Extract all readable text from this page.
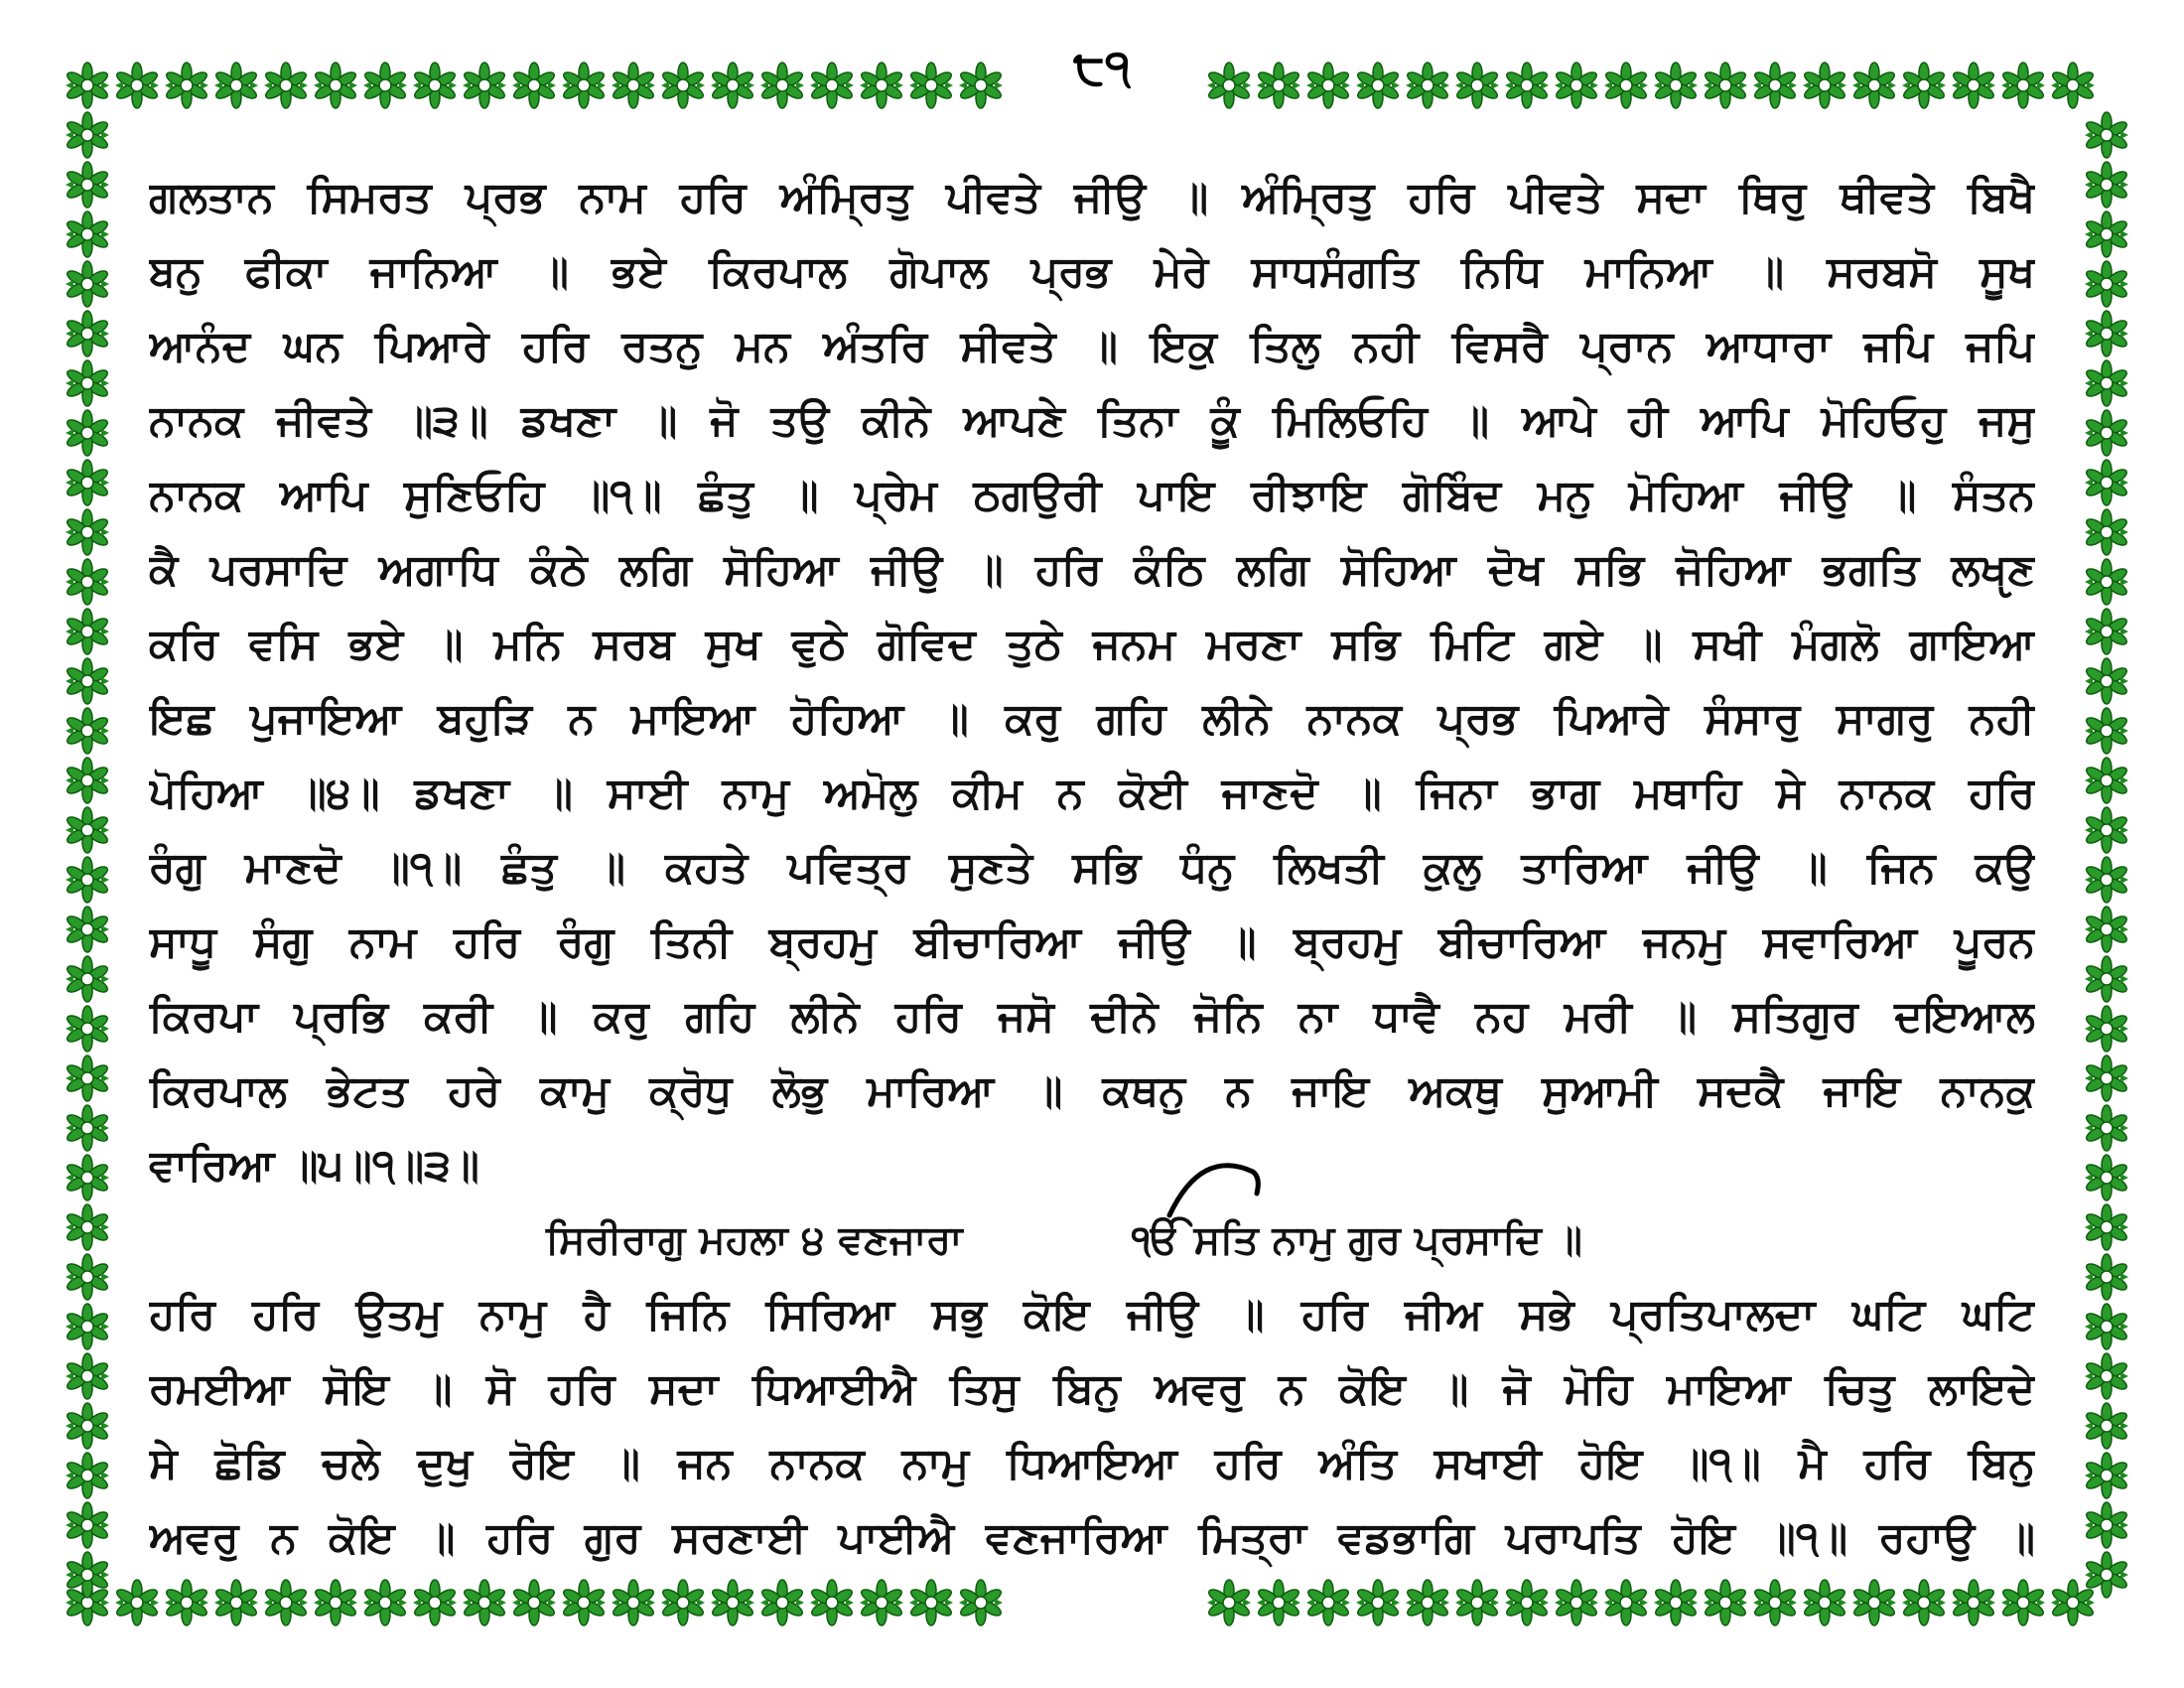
੮੧
ਗਲਤਾਨ ਸਿਮਰਤ ਪ੍ਰਭ ਨਾਮ ਹਰਿ ਅੰਮ੍ਰਿਤੁ ਪੀਵਤੇ ਜੀਉ ॥ ਅੰਮ੍ਰਿਤੁ ਹਰਿ ਪੀਵਤੇ ਸਦਾ ਥਿਰੁ ਥੀਵਤੇ ਬਿਖੈ
ਬਨੁ ਫੀਕਾ ਜਾਨਿਆ ॥ ਭਏ ਕਿਰਪਾਲ ਗੋਪਾਲ ਪ੍ਰਭ ਮੇਰੇ ਸਾਧਸੰਗਤਿ ਨਿਧਿ ਮਾਨਿਆ ॥ ਸਰਬਸੋ ਸੂਖ
ਆਨੰਦ ਘਨ ਪਿਆਰੇ ਹਰਿ ਰਤਨੁ ਮਨ ਅੰਤਰਿ ਸੀਵਤੇ ॥ ਇਕੁ ਤਿਲੁ ਨਹੀ ਵਿਸਰੈ ਪ੍ਰਾਨ ਆਧਾਰਾ ਜਪਿ ਜਪਿ
ਨਾਨਕ ਜੀਵਤੇ ॥੩॥ ਡਖਣਾ ॥ ਜੋ ਤਉ ਕੀਨੇ ਆਪਣੇ ਤਿਨਾ ਕੂੰ ਮਿਲਿਓਹਿ ॥ ਆਪੇ ਹੀ ਆਪਿ ਮੋਹਿਓਹੁ ਜਸੁ
ਨਾਨਕ ਆਪਿ ਸੁਣਿਓਹਿ ॥੧॥ ਛੰਤੁ ॥ ਪ੍ਰੇਮ ਠਗਉਰੀ ਪਾਇ ਰੀਝਾਇ ਗੋਬਿੰਦ ਮਨੁ ਮੋਹਿਆ ਜੀਉ ॥ ਸੰਤਨ
ਕੈ ਪਰਸਾਦਿ ਅਗਾਧਿ ਕੰਠੇ ਲਗਿ ਸੋਹਿਆ ਜੀਉ ॥ ਹਰਿ ਕੰਠਿ ਲਗਿ ਸੋਹਿਆ ਦੋਖ ਸਭਿ ਜੋਹਿਆ ਭਗਤਿ ਲਖੵਣ
ਕਰਿ ਵਸਿ ਭਏ ॥ ਮਨਿ ਸਰਬ ਸੁਖ ਵੁਠੇ ਗੋਵਿਦ ਤੁਠੇ ਜਨਮ ਮਰਣਾ ਸਭਿ ਮਿਟਿ ਗਏ ॥ ਸਖੀ ਮੰਗਲੋ ਗਾਇਆ
ਇਛ ਪੁਜਾਇਆ ਬਹੁੜਿ ਨ ਮਾਇਆ ਹੋਹਿਆ ॥ ਕਰੁ ਗਹਿ ਲੀਨੇ ਨਾਨਕ ਪ੍ਰਭ ਪਿਆਰੇ ਸੰਸਾਰੁ ਸਾਗਰੁ ਨਹੀ
ਪੋਹਿਆ ॥੪॥ ਡਖਣਾ ॥ ਸਾਈ ਨਾਮੁ ਅਮੋਲੁ ਕੀਮ ਨ ਕੋਈ ਜਾਣਦੋ ॥ ਜਿਨਾ ਭਾਗ ਮਥਾਹਿ ਸੇ ਨਾਨਕ ਹਰਿ
ਰੰਗੁ ਮਾਣਦੋ ॥੧॥ ਛੰਤੁ ॥ ਕਹਤੇ ਪਵਿਤ੍ਰ ਸੁਣਤੇ ਸਭਿ ਧੰਨੁ ਲਿਖਤੀ ਕੁਲੁ ਤਾਰਿਆ ਜੀਉ ॥ ਜਿਨ ਕਉ
ਸਾਧੂ ਸੰਗੁ ਨਾਮ ਹਰਿ ਰੰਗੁ ਤਿਨੀ ਬ੍ਰਹਮੁ ਬੀਚਾਰਿਆ ਜੀਉ ॥ ਬ੍ਰਹਮੁ ਬੀਚਾਰਿਆ ਜਨਮੁ ਸਵਾਰਿਆ ਪੂਰਨ
ਕਿਰਪਾ ਪ੍ਰਭਿ ਕਰੀ ॥ ਕਰੁ ਗਹਿ ਲੀਨੇ ਹਰਿ ਜਸੋ ਦੀਨੇ ਜੋਨਿ ਨਾ ਧਾਵੈ ਨਹ ਮਰੀ ॥ ਸਤਿਗੁਰ ਦਇਆਲ
ਕਿਰਪਾਲ ਭੇਟਤ ਹਰੇ ਕਾਮੁ ਕ੍ਰੋਧੁ ਲੋਭੁ ਮਾਰਿਆ ॥ ਕਥਨੁ ਨ ਜਾਇ ਅਕਥੁ ਸੁਆਮੀ ਸਦਕੈ ਜਾਇ ਨਾਨਕੁ
ਵਾਰਿਆ ॥੫॥੧॥੩॥
ਸਿਰੀਰਾਗੁ ਮਹਲਾ ੪ ਵਣਜਾਰਾ	ੴ ਸਤਿ ਨਾਮੁ ਗੁਰ ਪ੍ਰਸਾਦਿ ॥
ਹਰਿ ਹਰਿ ਉਤਮੁ ਨਾਮੁ ਹੈ ਜਿਨਿ ਸਿਰਿਆ ਸਭੁ ਕੋਇ ਜੀਉ ॥ ਹਰਿ ਜੀਅ ਸਭੇ ਪ੍ਰਤਿਪਾਲਦਾ ਘਟਿ ਘਟਿ
ਰਮਈਆ ਸੋਇ ॥ ਸੋ ਹਰਿ ਸਦਾ ਧਿਆਈਐ ਤਿਸੁ ਬਿਨੁ ਅਵਰੁ ਨ ਕੋਇ ॥ ਜੋ ਮੋਹਿ ਮਾਇਆ ਚਿਤੁ ਲਾਇਦੇ
ਸੇ ਛੋਡਿ ਚਲੇ ਦੁਖੁ ਰੋਇ ॥ ਜਨ ਨਾਨਕ ਨਾਮੁ ਧਿਆਇਆ ਹਰਿ ਅੰਤਿ ਸਖਾਈ ਹੋਇ ॥੧॥ ਮੈ ਹਰਿ ਬਿਨੁ
ਅਵਰੁ ਨ ਕੋਇ ॥ ਹਰਿ ਗੁਰ ਸਰਣਾਈ ਪਾਈਐ ਵਣਜਾਰਿਆ ਮਿਤ੍ਰਾ ਵਡਭਾਗਿ ਪਰਾਪਤਿ ਹੋਇ ॥੧॥ ਰਹਾਉ ॥
